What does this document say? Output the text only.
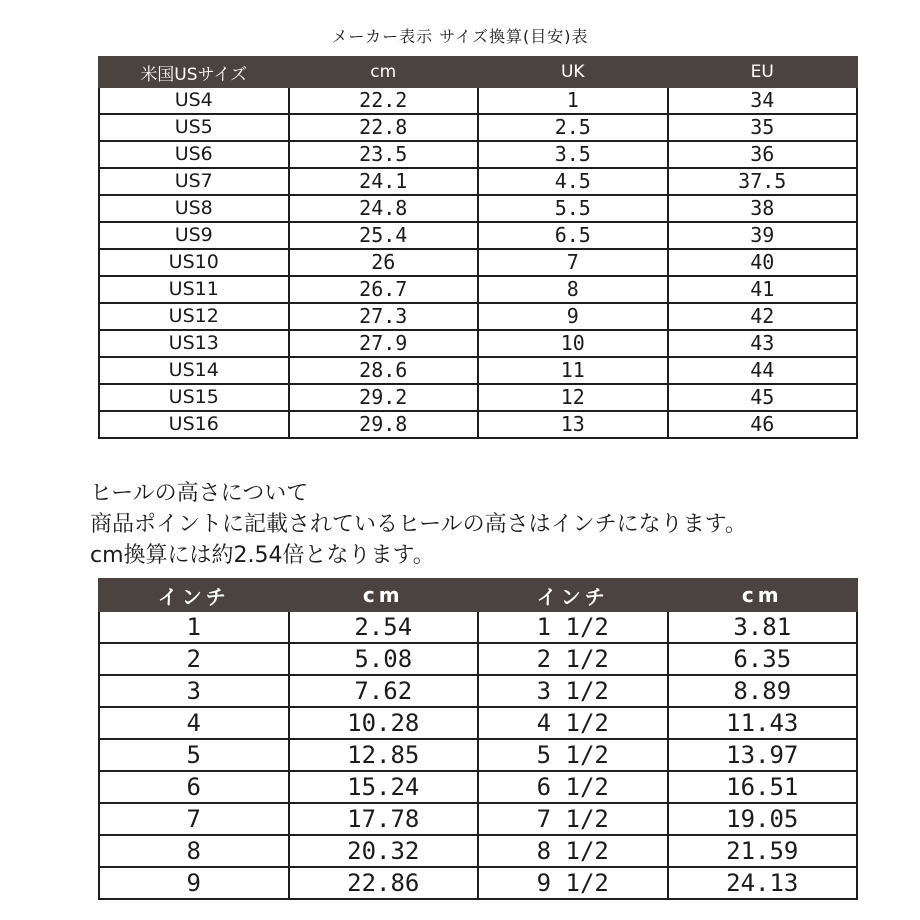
メーカー表示 サイズ換算(目安)表
米国USサイズ	cm	UK	EU
US4	22.2	1	34
US5	22.8	2.5	35
US6	23.5	3.5	36
US7	24.1	4.5	37.5
US8	24.8	5.5	38
US9	25.4	6.5	39
US10	26	7	40
US11	26.7	8	41
US12	27.3	9	42
US13	27.9	10	43
US14	28.6	11	44
US15	29.2	12	45
US16	29.8	13	46
ヒールの高さについて
商品ポイントに記載されているヒールの高さはインチになります。
cm換算には約2.54倍となります。
インチ	cm	インチ	cm
1	2.54	1 1/2	3.81
2	5.08	2 1/2	6.35
3	7.62	3 1/2	8.89
4	10.28	4 1/2	11.43
5	12.85	5 1/2	13.97
6	15.24	6 1/2	16.51
7	17.78	7 1/2	19.05
8	20.32	8 1/2	21.59
9	22.86	9 1/2	24.13
